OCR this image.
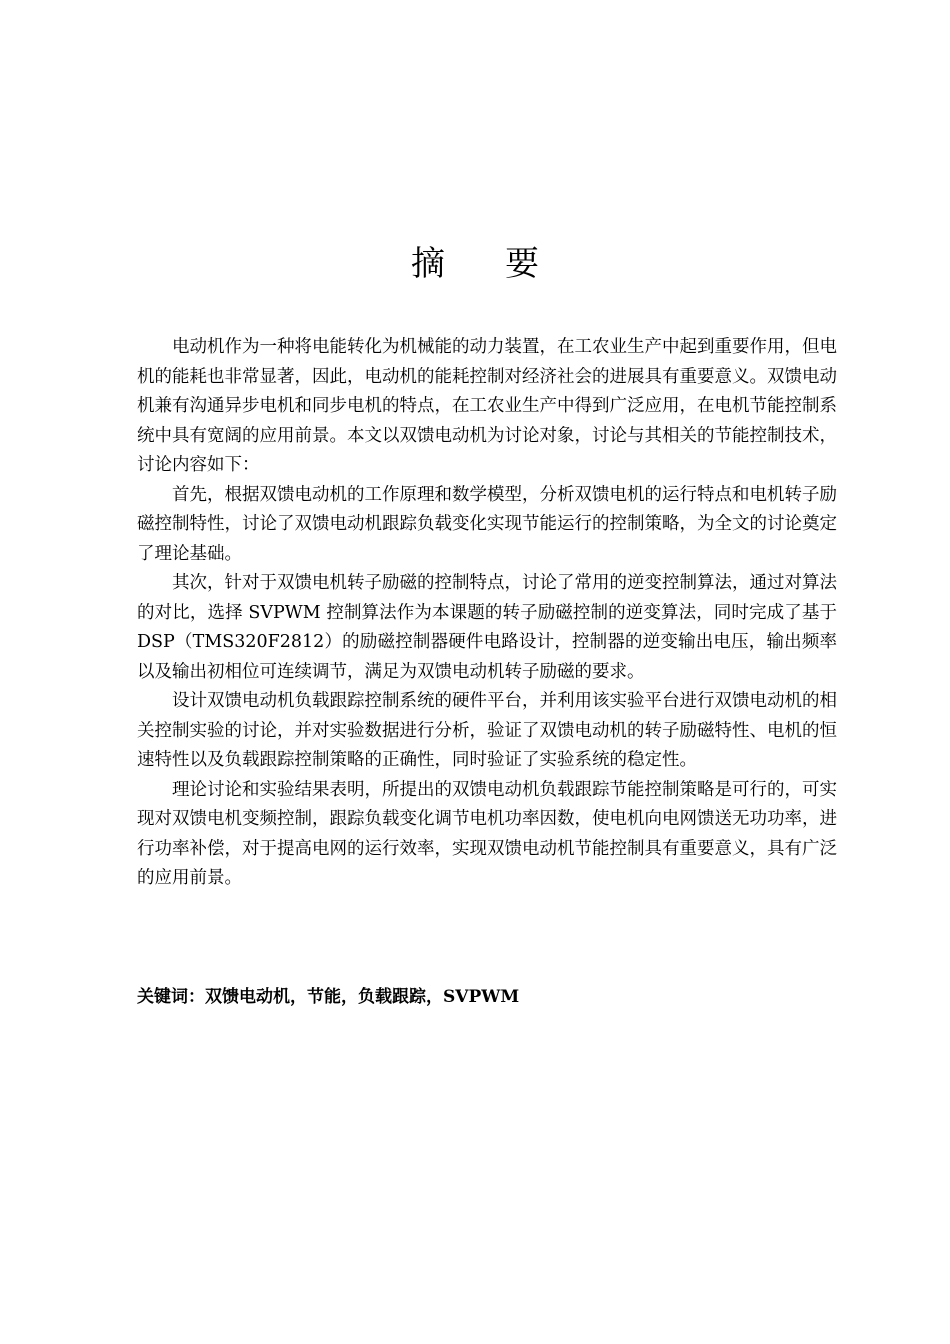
摘要

电动机作为一种将电能转化为机械能的动力装置，在工农业生产中起到重要作用，但电机的能耗也非常显著，因此，电动机的能耗控制对经济社会的进展具有重要意义。双馈电动机兼有沟通异步电机和同步电机的特点，在工农业生产中得到广泛应用，在电机节能控制系统中具有宽阔的应用前景。本文以双馈电动机为讨论对象，讨论与其相关的节能控制技术，讨论内容如下：

首先，根据双馈电动机的工作原理和数学模型，分析双馈电机的运行特点和电机转子励磁控制特性，讨论了双馈电动机跟踪负载变化实现节能运行的控制策略，为全文的讨论奠定了理论基础。

其次，针对于双馈电机转子励磁的控制特点，讨论了常用的逆变控制算法，通过对算法的对比，选择 SVPWM 控制算法作为本课题的转子励磁控制的逆变算法，同时完成了基于 DSP（TMS320F2812）的励磁控制器硬件电路设计，控制器的逆变输出电压，输出频率以及输出初相位可连续调节，满足为双馈电动机转子励磁的要求。

设计双馈电动机负载跟踪控制系统的硬件平台，并利用该实验平台进行双馈电动机的相关控制实验的讨论，并对实验数据进行分析，验证了双馈电动机的转子励磁特性、电机的恒速特性以及负载跟踪控制策略的正确性，同时验证了实验系统的稳定性。

理论讨论和实验结果表明，所提出的双馈电动机负载跟踪节能控制策略是可行的，可实现对双馈电机变频控制，跟踪负载变化调节电机功率因数，使电机向电网馈送无功功率，进行功率补偿，对于提高电网的运行效率，实现双馈电动机节能控制具有重要意义，具有广泛的应用前景。

关键词：双馈电动机，节能，负载跟踪，SVPWM
